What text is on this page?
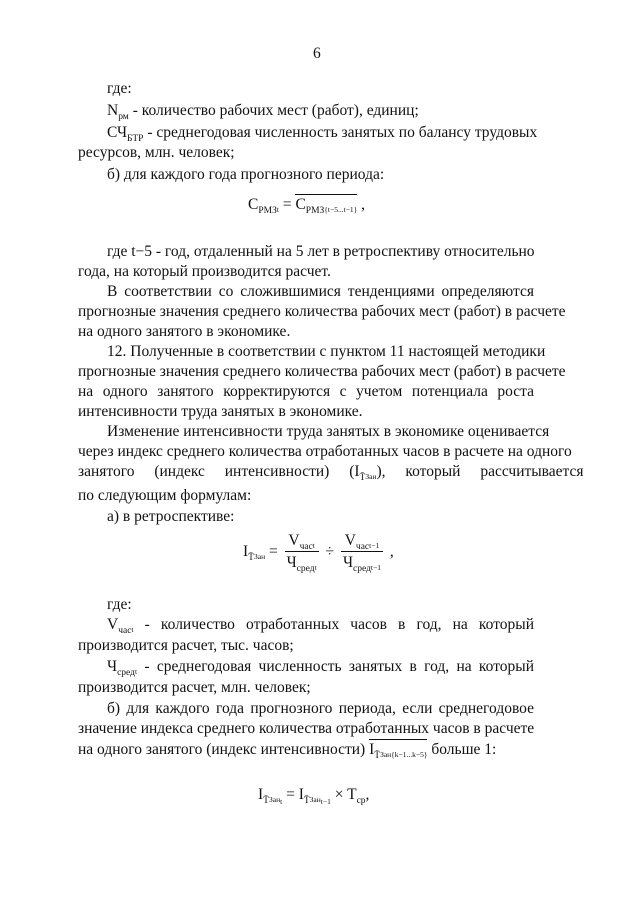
6
где:
$N_{рм}$ - количество рабочих мест (работ), единиц;
$СЧ_{БТР}$ - среднегодовая численность занятых по балансу трудовых
ресурсов, млн. человек;
б) для каждого года прогнозного периода:
$С_{РМЗ}t = С_{РМЗ}\{t-5...t-1\}$ ,
где t−5 - год, отдаленный на 5 лет в ретроспективу относительно
года, на который производится расчет.
В соответствии со сложившимися тенденциями определяются
прогнозные значения среднего количества рабочих мест (работ) в расчете
на одного занятого в экономике.
12. Полученные в соответствии с пунктом 11 настоящей методики
прогнозные значения среднего количества рабочих мест (работ) в расчете
на одного занятого корректируются с учетом потенциала роста
интенсивности труда занятых в экономике.
Изменение интенсивности труда занятых в экономике оценивается
через индекс среднего количества отработанных часов в расчете на одного
занятого (индекс интенсивности) ( $I_{T̄}Зан$ ), который рассчитывается
по следующим формулам:
а) в ретроспективе:
$I_{T̄}Зан = \frac{V_{час}t}{Ч_{сред}t} \div \frac{V_{час}t-1}{Ч_{сред}t-1}$ ,
где:
$V_{час}t$ - количество отработанных часов в год, на который
производится расчет, тыс. часов;
$Ч_{сред}t$ - среднегодовая численность занятых в год, на который
производится расчет, млн. человек;
б) для каждого года прогнозного периода, если среднегодовое
значение индекса среднего количества отработанных часов в расчете
на одного занятого (индекс интенсивности) $I_{T̄}Зан\{k-1...k-5\}$ больше 1:
$I_{T̄}Зан_t = I_{T̄}Зан_{t-1} \times T_{ср}$,
